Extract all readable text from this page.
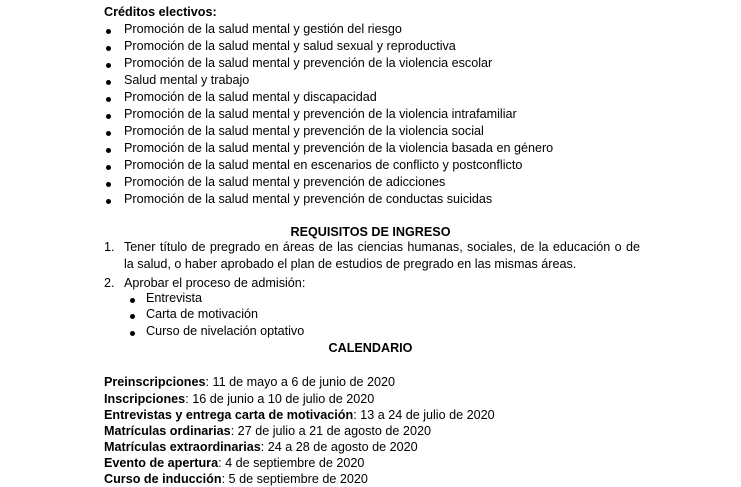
Créditos electivos:
Promoción de la salud mental y gestión del riesgo
Promoción de la salud mental y salud sexual y reproductiva
Promoción de la salud mental y prevención de la violencia escolar
Salud mental y trabajo
Promoción de la salud mental y discapacidad
Promoción de la salud mental y prevención de la violencia intrafamiliar
Promoción de la salud mental y prevención de la violencia social
Promoción de la salud mental y prevención de la violencia basada en género
Promoción de la salud mental en escenarios de conflicto y postconflicto
Promoción de la salud mental y prevención de adicciones
Promoción de la salud mental y prevención de conductas suicidas
REQUISITOS DE INGRESO
1. Tener título de pregrado en áreas de las ciencias humanas, sociales, de la educación o de la salud, o haber aprobado el plan de estudios de pregrado en las mismas áreas.
2. Aprobar el proceso de admisión:
Entrevista
Carta de motivación
Curso de nivelación optativo
CALENDARIO
Preinscripciones: 11 de mayo a 6 de junio de 2020
Inscripciones: 16 de junio a 10 de julio de 2020
Entrevistas y entrega carta de motivación: 13 a 24 de julio de 2020
Matrículas ordinarias: 27 de julio a 21 de agosto de 2020
Matrículas extraordinarias: 24 a 28 de agosto de 2020
Evento de apertura: 4 de septiembre de 2020
Curso de inducción: 5 de septiembre de 2020
